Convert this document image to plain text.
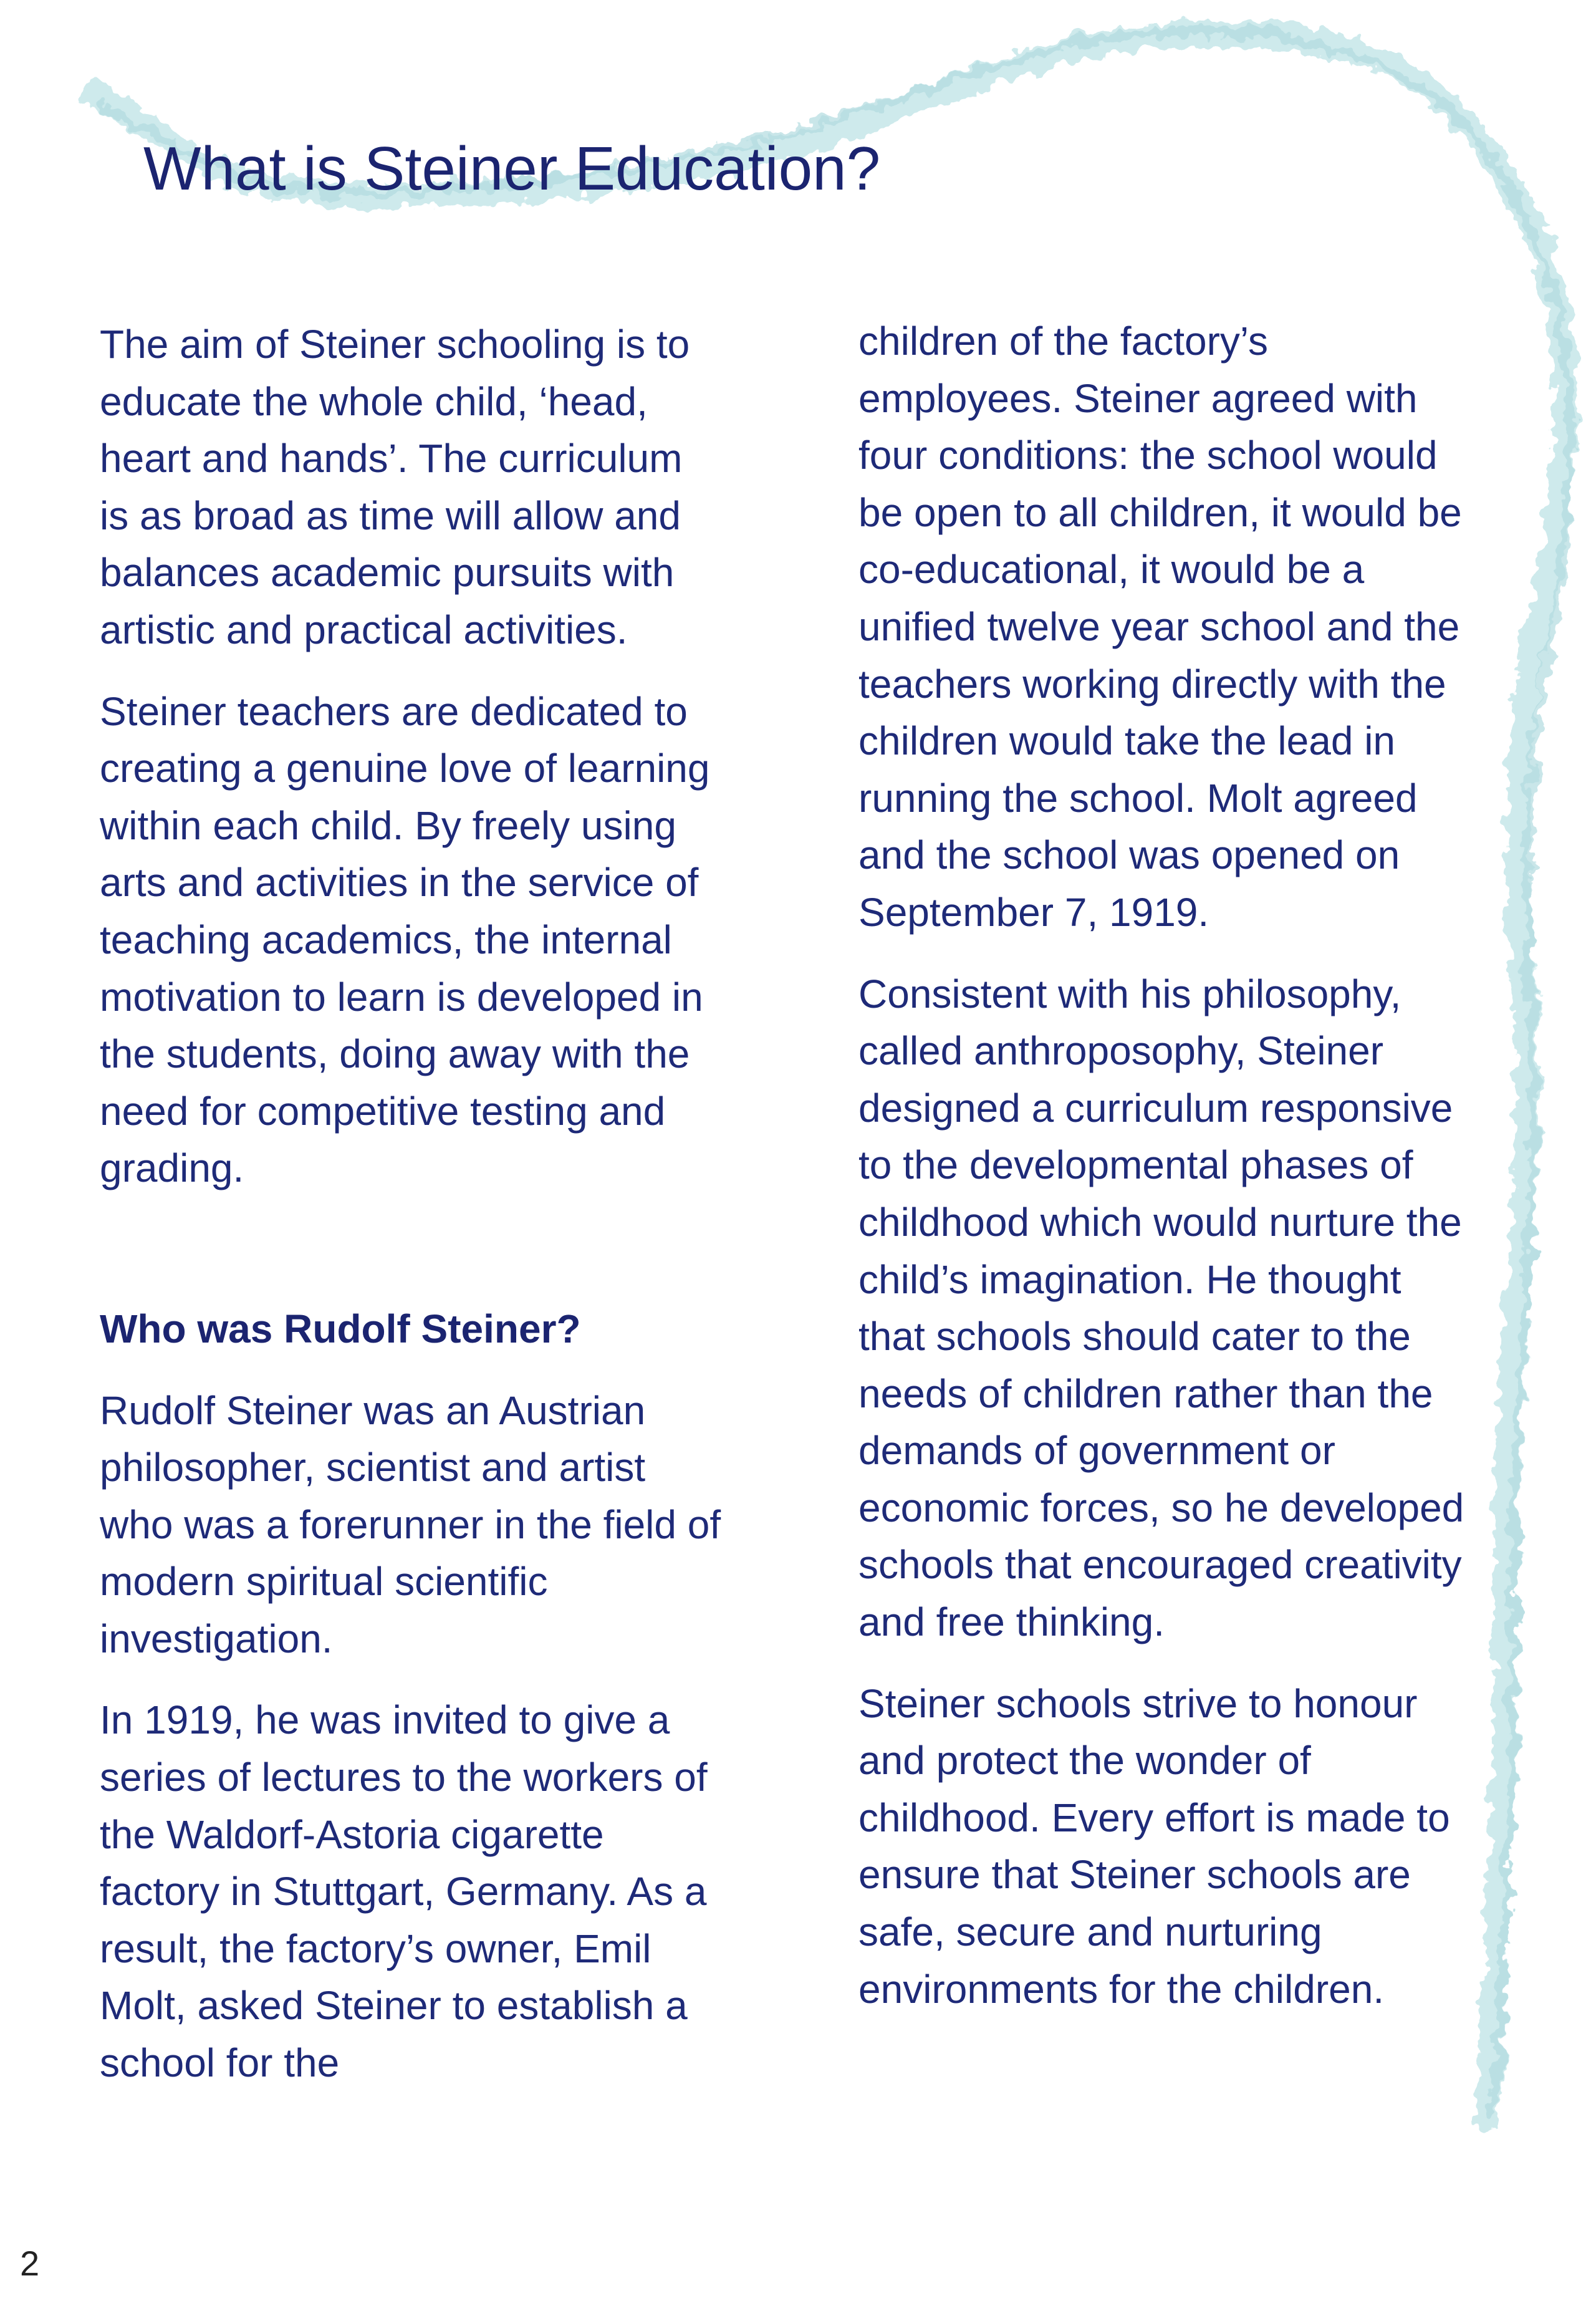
What is Steiner Education?

The aim of Steiner schooling is to
educate the whole child, ‘head,
heart and hands’. The curriculum
is as broad as time will allow and
balances academic pursuits with
artistic and practical activities.

Steiner teachers are dedicated to
creating a genuine love of learning
within each child. By freely using
arts and activities in the service of
teaching academics, the internal
motivation to learn is developed in
the students, doing away with the
need for competitive testing and
grading.

Who was Rudolf Steiner?

Rudolf Steiner was an Austrian
philosopher, scientist and artist
who was a forerunner in the field of
modern spiritual scientific
investigation.

In 1919, he was invited to give a
series of lectures to the workers of
the Waldorf-Astoria cigarette
factory in Stuttgart, Germany. As a
result, the factory’s owner, Emil
Molt, asked Steiner to establish a
school for the

children of the factory’s
employees. Steiner agreed with
four conditions: the school would
be open to all children, it would be
co-educational, it would be a
unified twelve year school and the
teachers working directly with the
children would take the lead in
running the school. Molt agreed
and the school was opened on
September 7, 1919.

Consistent with his philosophy,
called anthroposophy, Steiner
designed a curriculum responsive
to the developmental phases of
childhood which would nurture the
child’s imagination. He thought
that schools should cater to the
needs of children rather than the
demands of government or
economic forces, so he developed
schools that encouraged creativity
and free thinking.

Steiner schools strive to honour
and protect the wonder of
childhood. Every effort is made to
ensure that Steiner schools are
safe, secure and nurturing
environments for the children.

2
